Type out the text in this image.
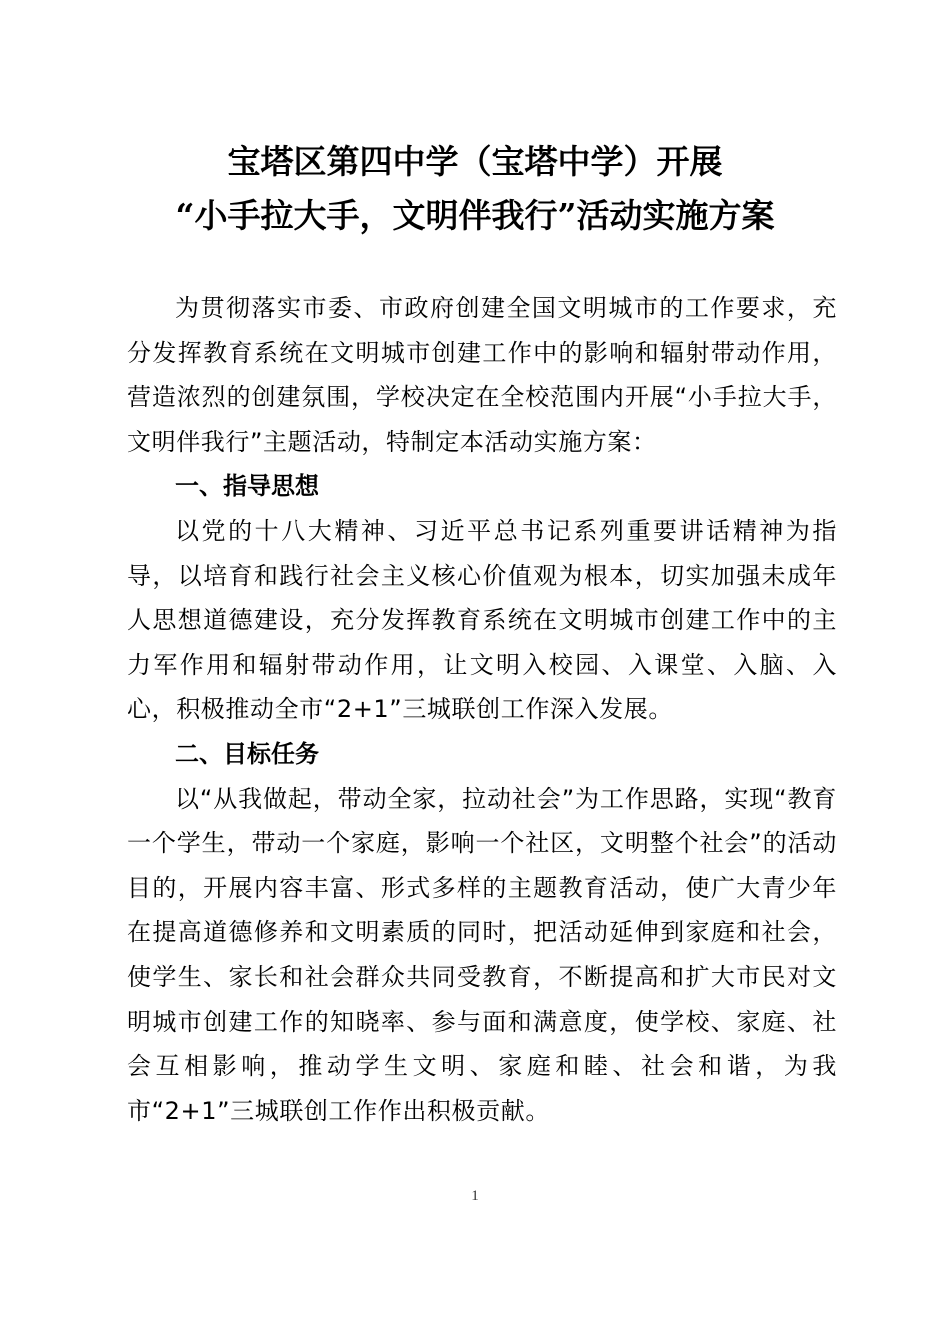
宝塔区第四中学（宝塔中学）开展
“小手拉大手，文明伴我行”活动实施方案

为贯彻落实市委、市政府创建全国文明城市的工作要求，充分发挥教育系统在文明城市创建工作中的影响和辐射带动作用，营造浓烈的创建氛围，学校决定在全校范围内开展“小手拉大手，文明伴我行”主题活动，特制定本活动实施方案：

一、指导思想

以党的十八大精神、习近平总书记系列重要讲话精神为指导，以培育和践行社会主义核心价值观为根本，切实加强未成年人思想道德建设，充分发挥教育系统在文明城市创建工作中的主力军作用和辐射带动作用，让文明入校园、入课堂、入脑、入心，积极推动全市“2+1”三城联创工作深入发展。

二、目标任务

以“从我做起，带动全家，拉动社会”为工作思路，实现“教育一个学生，带动一个家庭，影响一个社区，文明整个社会”的活动目的，开展内容丰富、形式多样的主题教育活动，使广大青少年在提高道德修养和文明素质的同时，把活动延伸到家庭和社会，使学生、家长和社会群众共同受教育，不断提高和扩大市民对文明城市创建工作的知晓率、参与面和满意度，使学校、家庭、社会互相影响，推动学生文明、家庭和睦、社会和谐，为我市“2+1”三城联创工作作出积极贡献。

1
